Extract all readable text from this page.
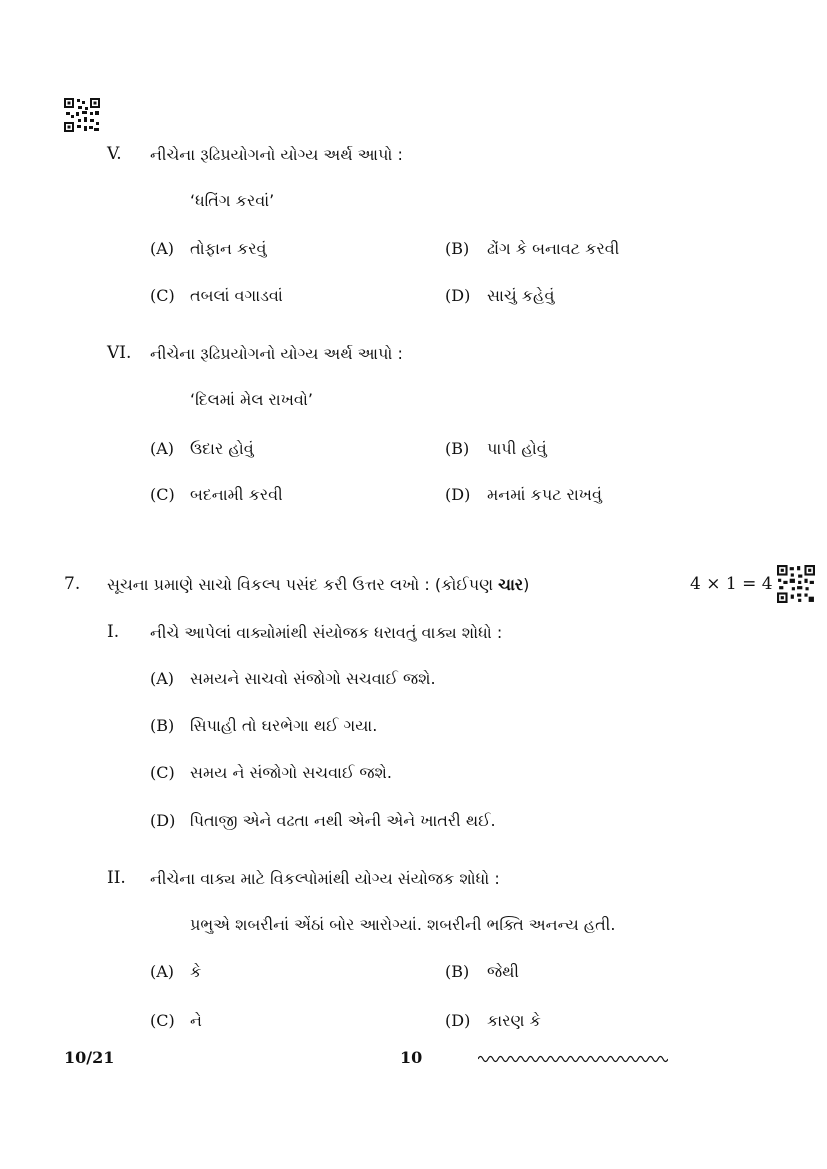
V. નીચેના રૂઢિપ્રયોગનો યોગ્ય અર્થ આપો :
‘ધતિંગ કરવાં’
(A) તોફાન કરવું	(B) ઢોંગ કે બનાવટ કરવી
(C) તબલાં વગાડવાં	(D) સાચું કહેવું
VI. નીચેના રૂઢિપ્રયોગનો યોગ્ય અર્થ આપો :
‘દિલમાં મેલ રાખવો’
(A) ઉદાર હોવું	(B) પાપી હોવું
(C) બદનામી કરવી	(D) મનમાં કપટ રાખવું
7. સૂચના પ્રમાણે સાચો વિકલ્પ પસંદ કરી ઉત્તર લખો : (કોઈપણ ચાર)	4 × 1 = 4
I. નીચે આપેલાં વાક્યોમાંથી સંયોજક ધરાવતું વાક્ય શોધો :
(A) સમયને સાચવો સંજોગો સચવાઈ જશે.
(B) સિપાહી તો ઘરભેગા થઈ ગયા.
(C) સમય ને સંજોગો સચવાઈ જશે.
(D) પિતાજી એને વઢતા નથી એની એને ખાતરી થઈ.
II. નીચેના વાક્ય માટે વિકલ્પોમાંથી યોગ્ય સંયોજક શોધો :
પ્રભુએ શબરીનાં એંઠાં બોર આરોગ્યાં. શબરીની ભક્તિ અનન્ય હતી.
(A) કે	(B) જેથી
(C) ને	(D) કારણ કે
10/21	10
